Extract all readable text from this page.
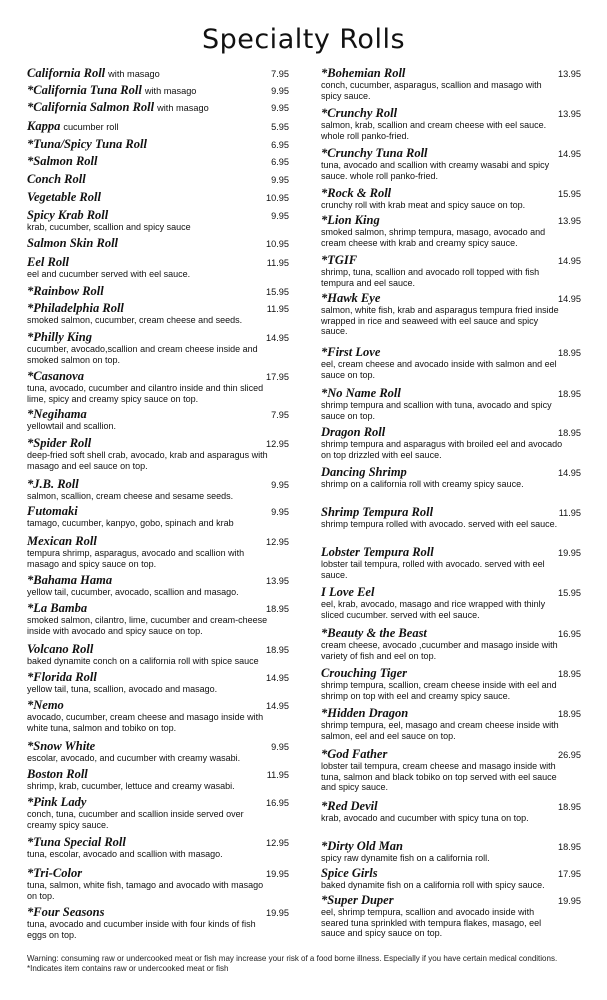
Specialty Rolls
California Roll with masago	7.95
*California Tuna Roll with masago	9.95
*California Salmon Roll with masago	9.95
Kappa cucumber roll	5.95
*Tuna/Spicy Tuna Roll	6.95
*Salmon Roll	6.95
Conch Roll	9.95
Vegetable Roll	10.95
Spicy Krab Roll	9.95
krab, cucumber, scallion and spicy sauce
Salmon Skin Roll	10.95
Eel Roll	11.95
eel and cucumber served with eel sauce.
*Rainbow Roll	15.95
*Philadelphia Roll	11.95
smoked salmon, cucumber, cream cheese and seeds.
*Philly King	14.95
cucumber, avocado,scallion and cream cheese inside and smoked salmon on top.
*Casanova	17.95
tuna, avocado, cucumber and cilantro inside and thin sliced lime, spicy and creamy spicy sauce on top.
*Negihama	7.95
yellowtail and scallion.
*Spider Roll	12.95
deep-fried soft shell crab, avocado, krab and asparagus with masago and eel sauce on top.
*J.B. Roll	9.95
salmon, scallion, cream cheese and sesame seeds.
Futomaki	9.95
tamago, cucumber, kanpyo, gobo, spinach and krab
Mexican Roll	12.95
tempura shrimp, asparagus, avocado and scallion with masago and spicy sauce on top.
*Bahama Hama	13.95
yellow tail, cucumber, avocado, scallion and masago.
*La Bamba	18.95
smoked salmon, cilantro, lime, cucumber and cream-cheese inside with avocado and spicy sauce on top.
Volcano Roll	18.95
baked dynamite conch on a california roll with spice sauce
*Florida Roll	14.95
yellow tail, tuna, scallion, avocado and masago.
*Nemo	14.95
avocado, cucumber, cream cheese and masago inside with white tuna, salmon and tobiko on top.
*Snow White	9.95
escolar, avocado, and cucumber with creamy wasabi.
Boston Roll	11.95
shrimp, krab, cucumber, lettuce and creamy wasabi.
*Pink Lady	16.95
conch, tuna, cucumber and scallion inside served over creamy spicy sauce.
*Tuna Special Roll	12.95
tuna, escolar, avocado and scallion with masago.
*Tri-Color	19.95
tuna, salmon, white fish, tamago and avocado with masago on top.
*Four Seasons	19.95
tuna, avocado and cucumber inside with four kinds of fish eggs on top.
*Bohemian Roll	13.95
conch, cucumber, asparagus, scallion and masago with spicy sauce.
*Crunchy Roll	13.95
salmon, krab, scallion and cream cheese with eel sauce. whole roll panko-fried.
*Crunchy Tuna Roll	14.95
tuna, avocado and scallion with creamy wasabi and spicy sauce. whole roll panko-fried.
*Rock & Roll	15.95
crunchy roll with krab meat and spicy sauce on top.
*Lion King	13.95
smoked salmon, shrimp tempura, masago, avocado and cream cheese with krab and creamy spicy sauce.
*TGIF	14.95
shrimp, tuna, scallion and avocado roll topped with fish tempura and eel sauce.
*Hawk Eye	14.95
salmon, white fish, krab and asparagus tempura fried inside wrapped in rice and seaweed with eel sauce and spicy sauce.
*First Love	18.95
eel, cream cheese and avocado inside with salmon and eel sauce on top.
*No Name Roll	18.95
shrimp tempura and scallion with tuna, avocado and spicy sauce on top.
Dragon Roll	18.95
shrimp tempura and asparagus with broiled eel and avocado on top drizzled with eel sauce.
Dancing Shrimp	14.95
shrimp on a california roll with creamy spicy sauce.
Shrimp Tempura Roll	11.95
shrimp tempura rolled with avocado. served with eel sauce.
Lobster Tempura Roll	19.95
lobster tail tempura, rolled with avocado. served with eel sauce.
I Love Eel	15.95
eel, krab, avocado, masago and rice wrapped with thinly sliced cucumber. served with eel sauce.
*Beauty & the Beast	16.95
cream cheese, avocado ,cucumber and masago inside with variety of fish and eel on top.
Crouching Tiger	18.95
shrimp tempura, scallion, cream cheese inside with eel and shrimp on top with eel and creamy spicy sauce.
*Hidden Dragon	18.95
shrimp tempura, eel, masago and cream cheese inside with salmon, eel and eel sauce on top.
*God Father	26.95
lobster tail tempura, cream cheese and masago inside with tuna, salmon and black tobiko on top served with eel sauce and spicy sauce.
*Red Devil	18.95
krab, avocado and cucumber with spicy tuna on top.
*Dirty Old Man	18.95
spicy raw dynamite fish on a california roll.
Spice Girls	17.95
baked dynamite fish on a california roll with spicy sauce.
*Super Duper	19.95
eel, shrimp tempura, scallion and avocado inside with seared tuna sprinkled with tempura flakes, masago, eel sauce and spicy sauce on top.
Warning: consuming raw or undercooked meat or fish may increase your risk of a food borne illness. Especially if you have certain medical conditions.
*Indicates item contains raw or undercooked meat or fish
